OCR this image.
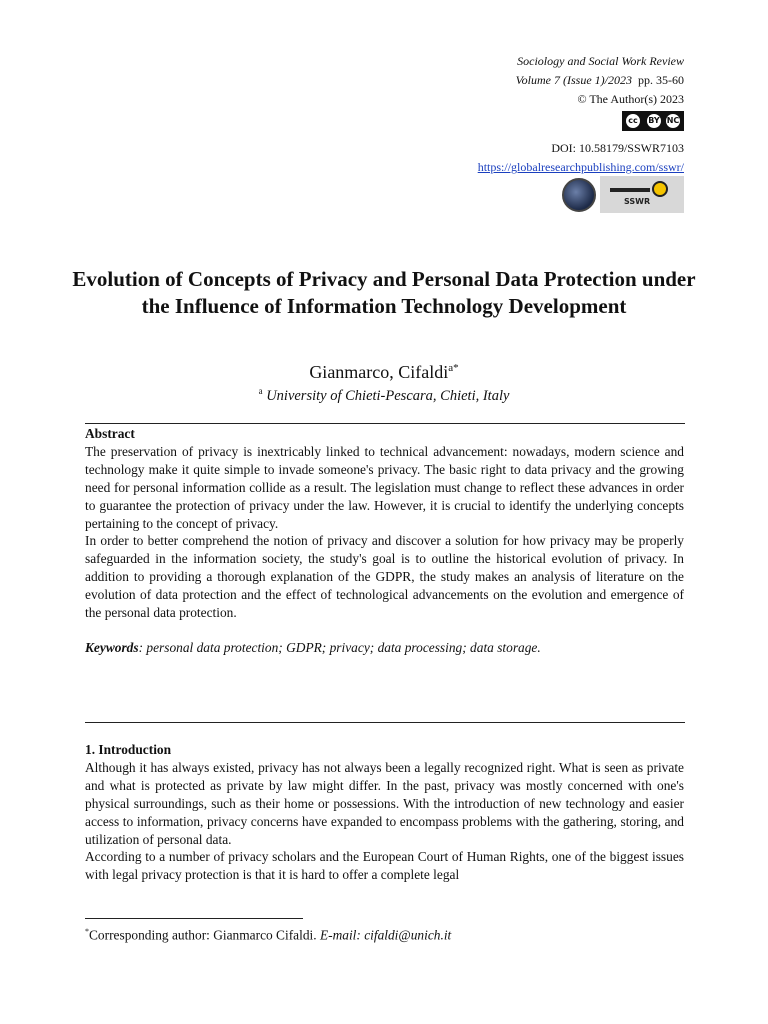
Sociology and Social Work Review
Volume 7 (Issue 1)/2023 pp. 35-60
© The Author(s) 2023
cc BY NC
DOI: 10.58179/SSWR7103
https://globalresearchpublishing.com/sswr/
SSWR
Evolution of Concepts of Privacy and Personal Data Protection under the Influence of Information Technology Development
Gianmarco, Cifaldi$^{a*}$
$^a$ University of Chieti-Pescara, Chieti, Italy

Abstract

The preservation of privacy is inextricably linked to technical advancement: nowadays, modern science and technology make it quite simple to invade someone's privacy. The basic right to data privacy and the growing need for personal information collide as a result. The legislation must change to reflect these advances in order to guarantee the protection of privacy under the law. However, it is crucial to identify the underlying concepts pertaining to the concept of privacy.

In order to better comprehend the notion of privacy and discover a solution for how privacy may be properly safeguarded in the information society, the study's goal is to outline the historical evolution of privacy. In addition to providing a thorough explanation of the GDPR, the study makes an analysis of literature on the evolution of data protection and the effect of technological advancements on the evolution and emergence of the personal data protection.

Keywords: personal data protection; GDPR; privacy; data processing; data storage.

1. Introduction

Although it has always existed, privacy has not always been a legally recognized right. What is seen as private and what is protected as private by law might differ. In the past, privacy was mostly concerned with one's physical surroundings, such as their home or possessions. With the introduction of new technology and easier access to information, privacy concerns have expanded to encompass problems with the gathering, storing, and utilization of personal data.

According to a number of privacy scholars and the European Court of Human Rights, one of the biggest issues with legal privacy protection is that it is hard to offer a complete legal

*Corresponding author: Gianmarco Cifaldi. E-mail: cifaldi@unich.it
